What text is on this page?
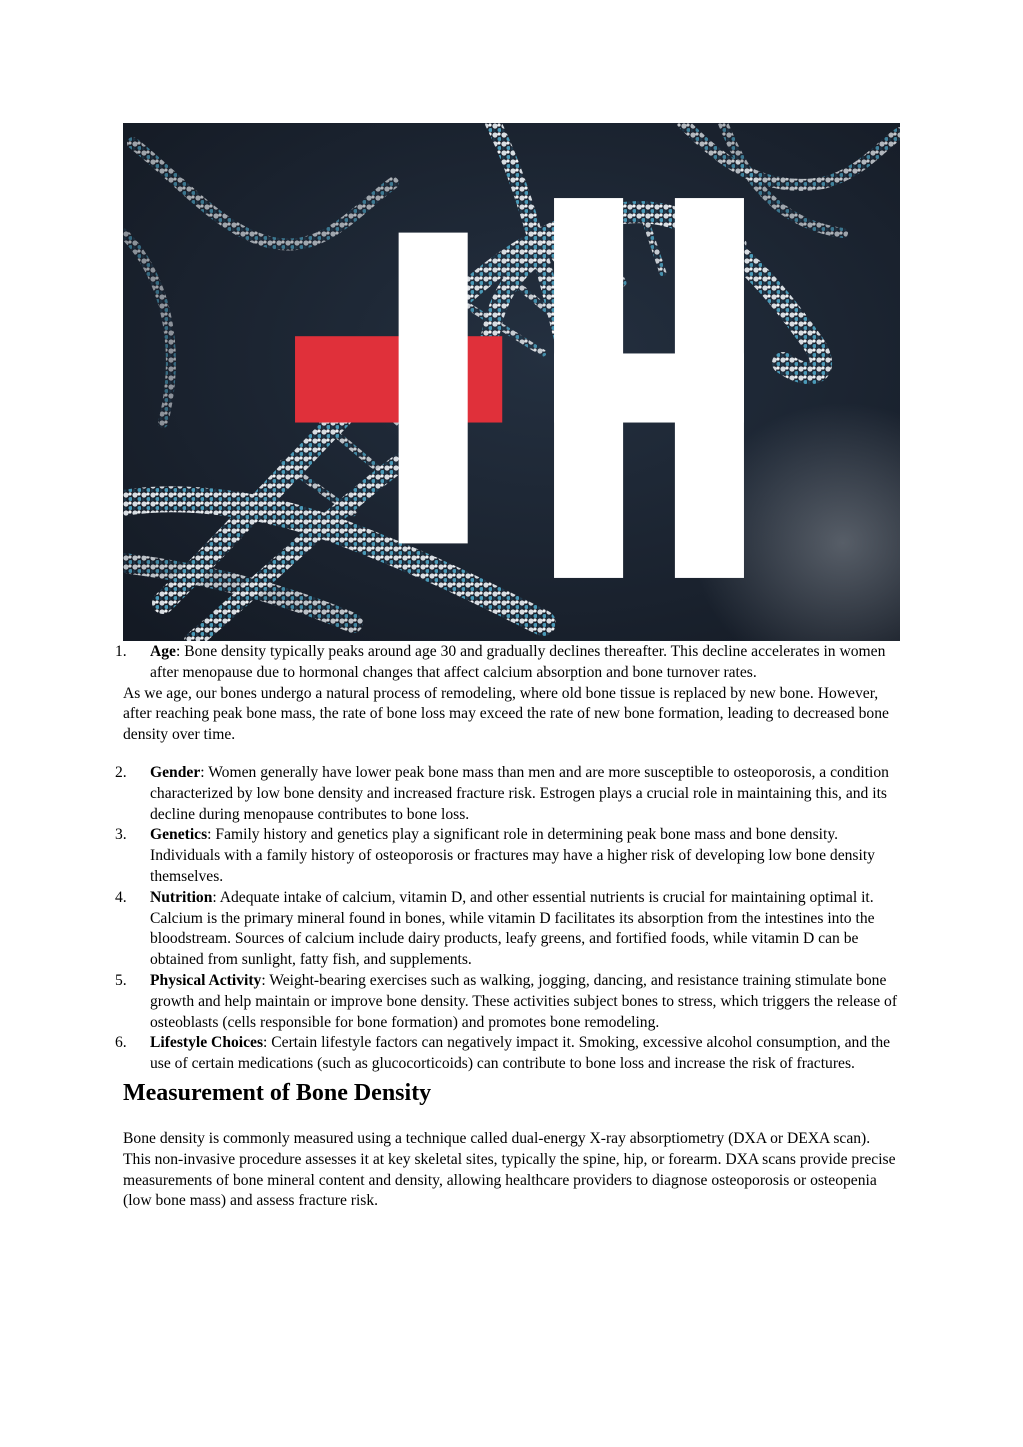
1. Age: Bone density typically peaks around age 30 and gradually declines thereafter. This decline accelerates in women after menopause due to hormonal changes that affect calcium absorption and bone turnover rates.

As we age, our bones undergo a natural process of remodeling, where old bone tissue is replaced by new bone. However, after reaching peak bone mass, the rate of bone loss may exceed the rate of new bone formation, leading to decreased bone density over time.

2. Gender: Women generally have lower peak bone mass than men and are more susceptible to osteoporosis, a condition characterized by low bone density and increased fracture risk. Estrogen plays a crucial role in maintaining this, and its decline during menopause contributes to bone loss.
3. Genetics: Family history and genetics play a significant role in determining peak bone mass and bone density. Individuals with a family history of osteoporosis or fractures may have a higher risk of developing low bone density themselves.
4. Nutrition: Adequate intake of calcium, vitamin D, and other essential nutrients is crucial for maintaining optimal it. Calcium is the primary mineral found in bones, while vitamin D facilitates its absorption from the intestines into the bloodstream. Sources of calcium include dairy products, leafy greens, and fortified foods, while vitamin D can be obtained from sunlight, fatty fish, and supplements.
5. Physical Activity: Weight-bearing exercises such as walking, jogging, dancing, and resistance training stimulate bone growth and help maintain or improve bone density. These activities subject bones to stress, which triggers the release of osteoblasts (cells responsible for bone formation) and promotes bone remodeling.
6. Lifestyle Choices: Certain lifestyle factors can negatively impact it. Smoking, excessive alcohol consumption, and the use of certain medications (such as glucocorticoids) can contribute to bone loss and increase the risk of fractures.
Measurement of Bone Density

Bone density is commonly measured using a technique called dual-energy X-ray absorptiometry (DXA or DEXA scan). This non-invasive procedure assesses it at key skeletal sites, typically the spine, hip, or forearm. DXA scans provide precise measurements of bone mineral content and density, allowing healthcare providers to diagnose osteoporosis or osteopenia (low bone mass) and assess fracture risk.
